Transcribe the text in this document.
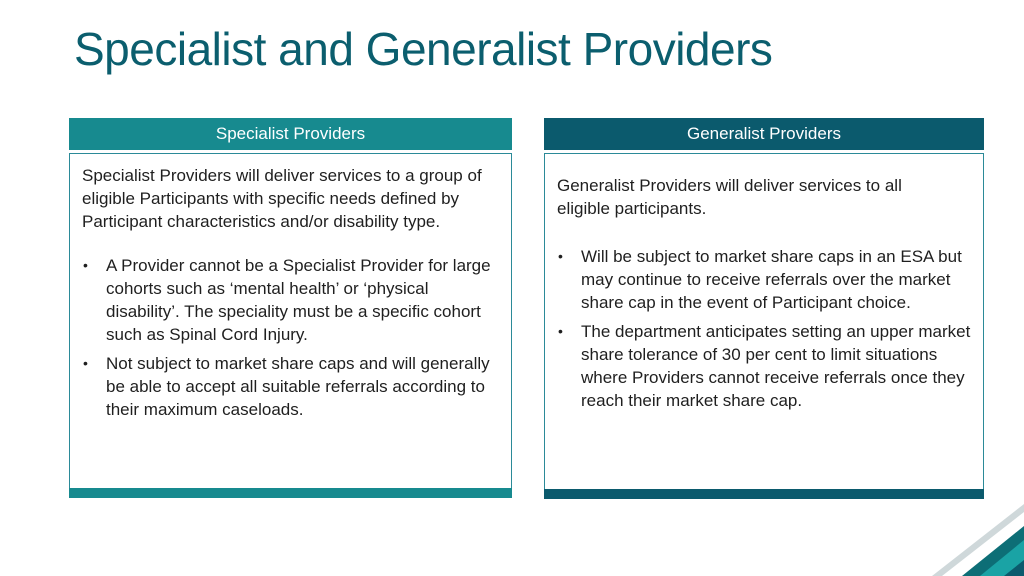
Specialist and Generalist Providers
Specialist Providers

Specialist Providers will deliver services to a group of eligible Participants with specific needs defined by Participant characteristics and/or disability type.

• A Provider cannot be a Specialist Provider for large cohorts such as ‘mental health’ or ‘physical disability’. The speciality must be a specific cohort such as Spinal Cord Injury.
• Not subject to market share caps and will generally be able to accept all suitable referrals according to their maximum caseloads.
Generalist Providers

Generalist Providers will deliver services to all eligible participants.

• Will be subject to market share caps in an ESA but may continue to receive referrals over the market share cap in the event of Participant choice.
• The department anticipates setting an upper market share tolerance of 30 per cent to limit situations where Providers cannot receive referrals once they reach their market share cap.
